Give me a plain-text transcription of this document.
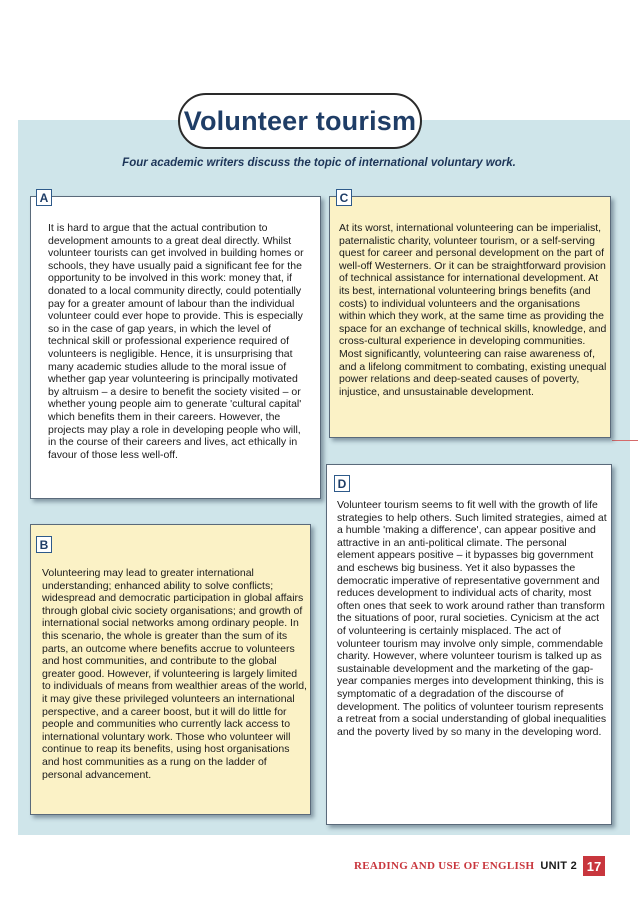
Volunteer tourism
Four academic writers discuss the topic of international voluntary work.
A

It is hard to argue that the actual contribution to development amounts to a great deal directly. Whilst volunteer tourists can get involved in building homes or schools, they have usually paid a significant fee for the opportunity to be involved in this work: money that, if donated to a local community directly, could potentially pay for a greater amount of labour than the individual volunteer could ever hope to provide. This is especially so in the case of gap years, in which the level of technical skill or professional experience required of volunteers is negligible. Hence, it is unsurprising that many academic studies allude to the moral issue of whether gap year volunteering is principally motivated by altruism – a desire to benefit the society visited – or whether young people aim to generate 'cultural capital' which benefits them in their careers. However, the projects may play a role in developing people who will, in the course of their careers and lives, act ethically in favour of those less well-off.

C

At its worst, international volunteering can be imperialist, paternalistic charity, volunteer tourism, or a self-serving quest for career and personal development on the part of well-off Westerners. Or it can be straightforward provision of technical assistance for international development. At its best, international volunteering brings benefits (and costs) to individual volunteers and the organisations within which they work, at the same time as providing the space for an exchange of technical skills, knowledge, and cross-cultural experience in developing communities. Most significantly, volunteering can raise awareness of, and a lifelong commitment to combating, existing unequal power relations and deep-seated causes of poverty, injustice, and unsustainable development.

B

Volunteering may lead to greater international understanding; enhanced ability to solve conflicts; widespread and democratic participation in global affairs through global civic society organisations; and growth of international social networks among ordinary people. In this scenario, the whole is greater than the sum of its parts, an outcome where benefits accrue to volunteers and host communities, and contribute to the global greater good. However, if volunteering is largely limited to individuals of means from wealthier areas of the world, it may give these privileged volunteers an international perspective, and a career boost, but it will do little for people and communities who currently lack access to international voluntary work. Those who volunteer will continue to reap its benefits, using host organisations and host communities as a rung on the ladder of personal advancement.

D

Volunteer tourism seems to fit well with the growth of life strategies to help others. Such limited strategies, aimed at a humble 'making a difference', can appear positive and attractive in an anti-political climate. The personal element appears positive – it bypasses big government and eschews big business. Yet it also bypasses the democratic imperative of representative government and reduces development to individual acts of charity, most often ones that seek to work around rather than transform the situations of poor, rural societies. Cynicism at the act of volunteering is certainly misplaced. The act of volunteer tourism may involve only simple, commendable charity. However, where volunteer tourism is talked up as sustainable development and the marketing of the gap-year companies merges into development thinking, this is symptomatic of a degradation of the discourse of development. The politics of volunteer tourism represents a retreat from a social understanding of global inequalities and the poverty lived by so many in the developing word.

READING AND USE OF ENGLISH UNIT 2 17
